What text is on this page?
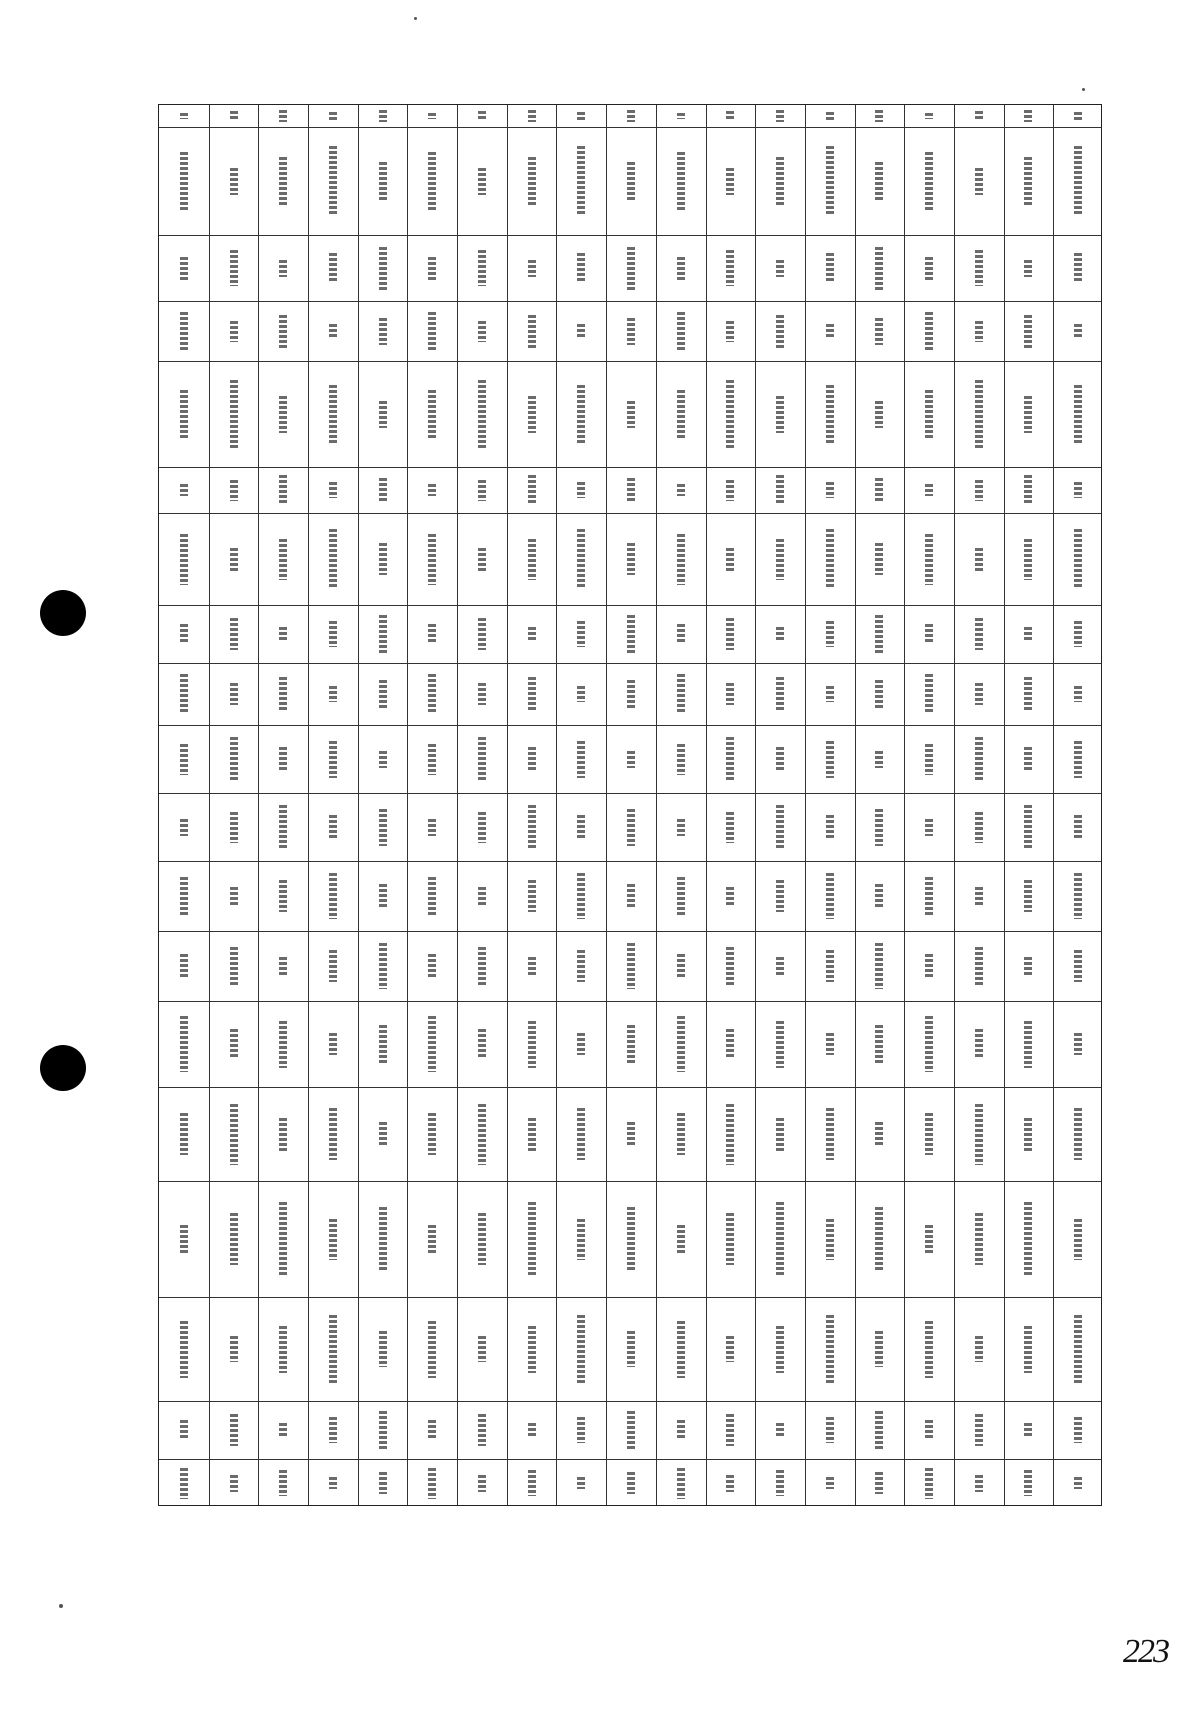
223
